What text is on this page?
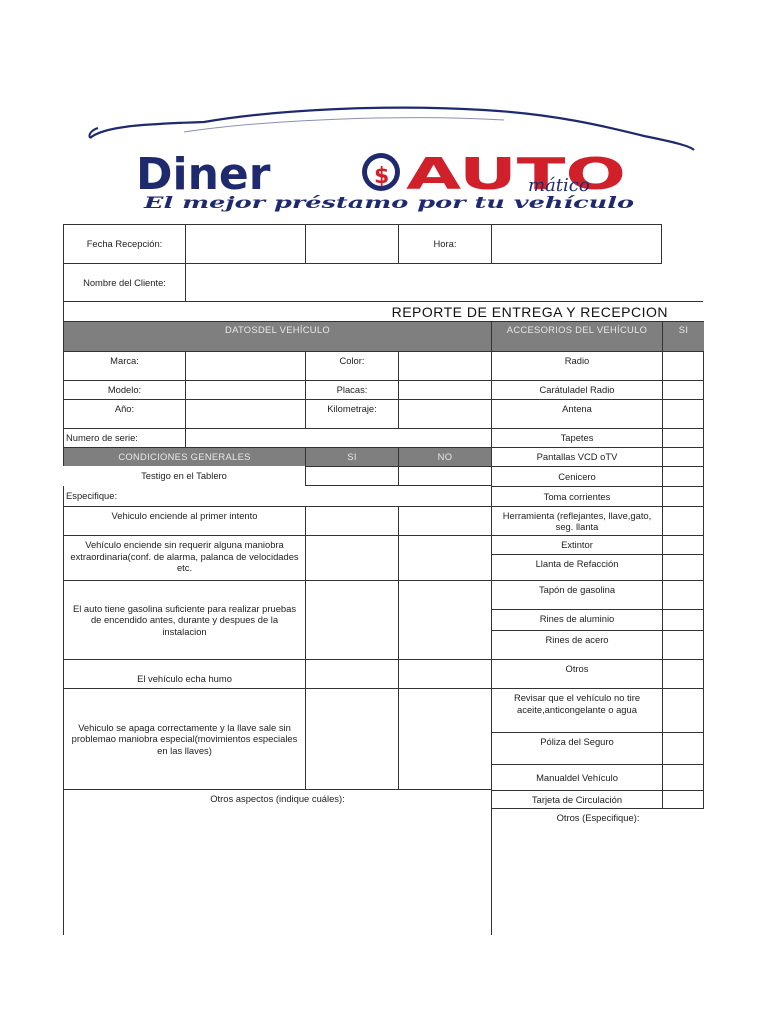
Diner	$ AUTO
mático
El mejor préstamo por tu vehículo
Fecha Recepción:	Hora:
Nombre del Cliente:
REPORTE DE ENTREGA Y RECEPCION
DATOSDEL VEHÍCULO	ACCESORIOS DEL VEHÍCULO	SI
Marca:	Color:
Modelo:	Placas:
Año:	Kilometraje:
Numero de serie:
CONDICIONES GENERALES	SI	NO
Testigo en el Tablero
Especifique:
Vehiculo enciende al primer intento
Vehículo enciende sin requerir alguna maniobra extraordinaria(conf. de alarma, palanca de velocidades etc.
El auto tiene gasolina suficiente para realizar pruebas de encendido antes, durante y despues de la instalacion
El vehículo echa humo
Vehiculo se apaga correctamente y la llave sale sin problemao maniobra especial(movimientos especiales en las llaves)
Otros aspectos (indique cuáles):
Radio
Carátuladel Radio
Antena
Tapetes
Pantallas VCD oTV
Cenicero
Toma corrientes
Herramienta (reflejantes, llave,gato, seg. llanta
Extintor
Llanta de Refacción
Tapón de gasolina
Rines de aluminio
Rines de acero
Otros
Revisar que el vehículo no tire aceite,anticongelante o agua
Póliza del Seguro
Manualdel Vehículo
Tarjeta de Circulación
Otros (Especifique):
